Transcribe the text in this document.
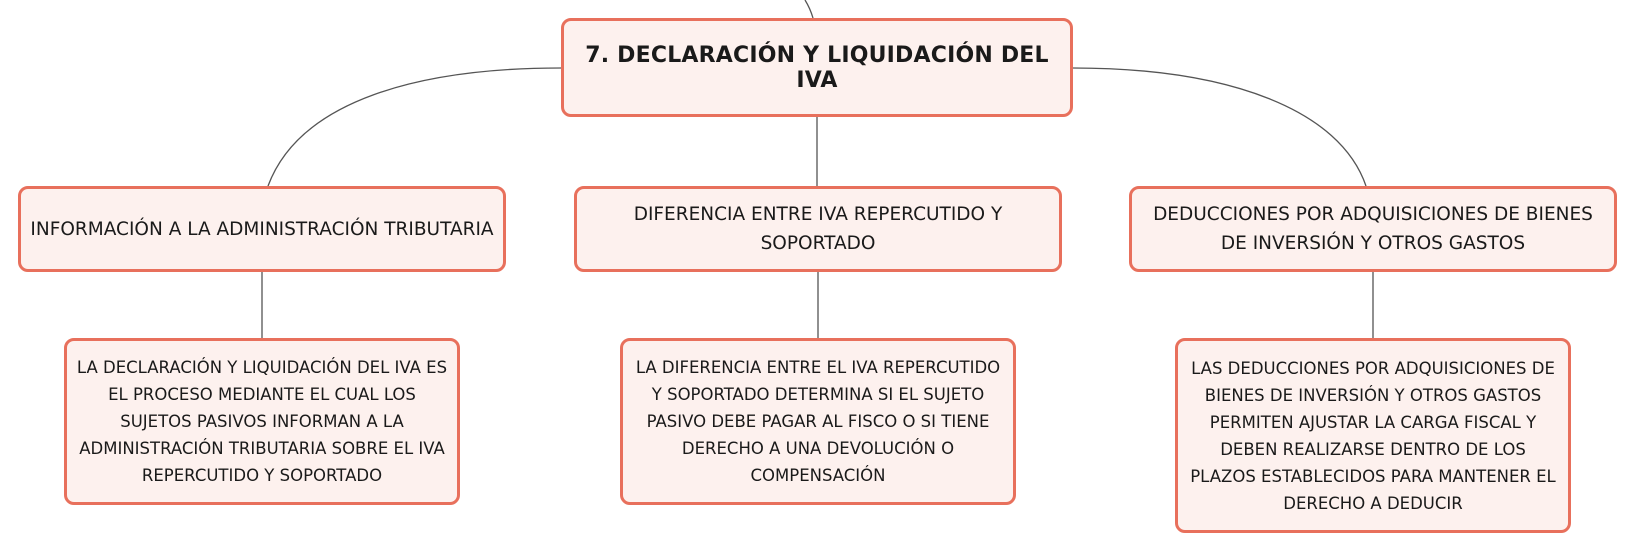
7. DECLARACIÓN Y LIQUIDACIÓN DEL IVA
INFORMACIÓN A LA ADMINISTRACIÓN TRIBUTARIA
DIFERENCIA ENTRE IVA REPERCUTIDO Y SOPORTADO
DEDUCCIONES POR ADQUISICIONES DE BIENES DE INVERSIÓN Y OTROS GASTOS
LA DECLARACIÓN Y LIQUIDACIÓN DEL IVA ES EL PROCESO MEDIANTE EL CUAL LOS SUJETOS PASIVOS INFORMAN A LA ADMINISTRACIÓN TRIBUTARIA SOBRE EL IVA REPERCUTIDO Y SOPORTADO
LA DIFERENCIA ENTRE EL IVA REPERCUTIDO Y SOPORTADO DETERMINA SI EL SUJETO PASIVO DEBE PAGAR AL FISCO O SI TIENE DERECHO A UNA DEVOLUCIÓN O COMPENSACIÓN
LAS DEDUCCIONES POR ADQUISICIONES DE BIENES DE INVERSIÓN Y OTROS GASTOS PERMITEN AJUSTAR LA CARGA FISCAL Y DEBEN REALIZARSE DENTRO DE LOS PLAZOS ESTABLECIDOS PARA MANTENER EL DERECHO A DEDUCIR
